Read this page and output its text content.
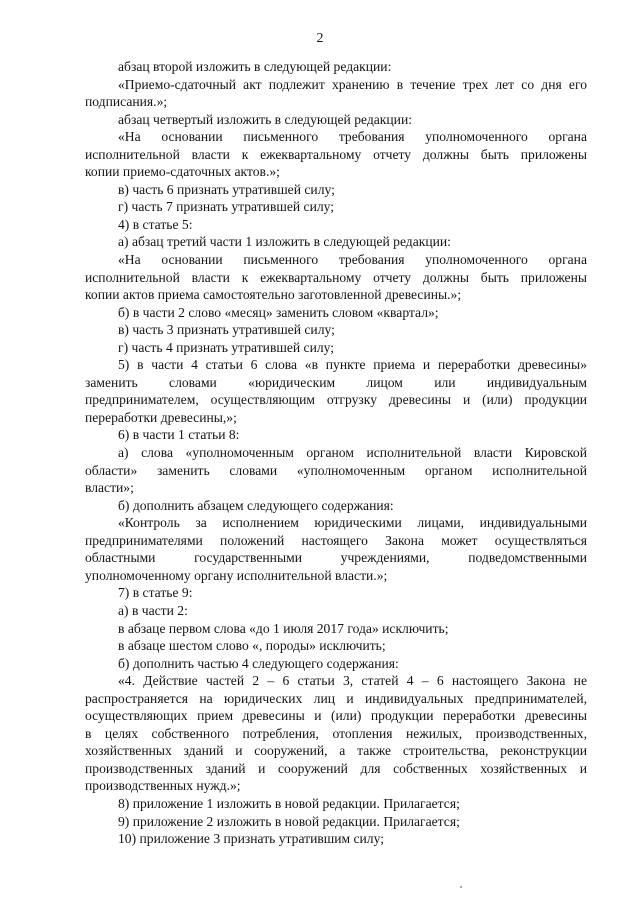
2
абзац второй изложить в следующей редакции:
«Приемо-сдаточный акт подлежит хранению в течение трех лет со дня его
подписания.»;
абзац четвертый изложить в следующей редакции:
«На основании письменного требования уполномоченного органа
исполнительной власти к ежеквартальному отчету должны быть приложены
копии приемо-сдаточных актов.»;
в) часть 6 признать утратившей силу;
г) часть 7 признать утратившей силу;
4) в статье 5:
а) абзац третий части 1 изложить в следующей редакции:
«На основании письменного требования уполномоченного органа
исполнительной власти к ежеквартальному отчету должны быть приложены
копии актов приема самостоятельно заготовленной древесины.»;
б) в части 2 слово «месяц» заменить словом «квартал»;
в) часть 3 признать утратившей силу;
г) часть 4 признать утратившей силу;
5) в части 4 статьи 6 слова «в пункте приема и переработки древесины»
заменить словами «юридическим лицом или индивидуальным
предпринимателем, осуществляющим отгрузку древесины и (или) продукции
переработки древесины,»;
6) в части 1 статьи 8:
а) слова «уполномоченным органом исполнительной власти Кировской
области» заменить словами «уполномоченным органом исполнительной
власти»;
б) дополнить абзацем следующего содержания:
«Контроль за исполнением юридическими лицами, индивидуальными
предпринимателями положений настоящего Закона может осуществляться
областными государственными учреждениями, подведомственными
уполномоченному органу исполнительной власти.»;
7) в статье 9:
а) в части 2:
в абзаце первом слова «до 1 июля 2017 года» исключить;
в абзаце шестом слово «, породы» исключить;
б) дополнить частью 4 следующего содержания:
«4. Действие частей 2 – 6 статьи 3, статей 4 – 6 настоящего Закона не
распространяется на юридических лиц и индивидуальных предпринимателей,
осуществляющих прием древесины и (или) продукции переработки древесины
в целях собственного потребления, отопления нежилых, производственных,
хозяйственных зданий и сооружений, а также строительства, реконструкции
производственных зданий и сооружений для собственных хозяйственных и
производственных нужд.»;
8) приложение 1 изложить в новой редакции. Прилагается;
9) приложение 2 изложить в новой редакции. Прилагается;
10) приложение 3 признать утратившим силу;
